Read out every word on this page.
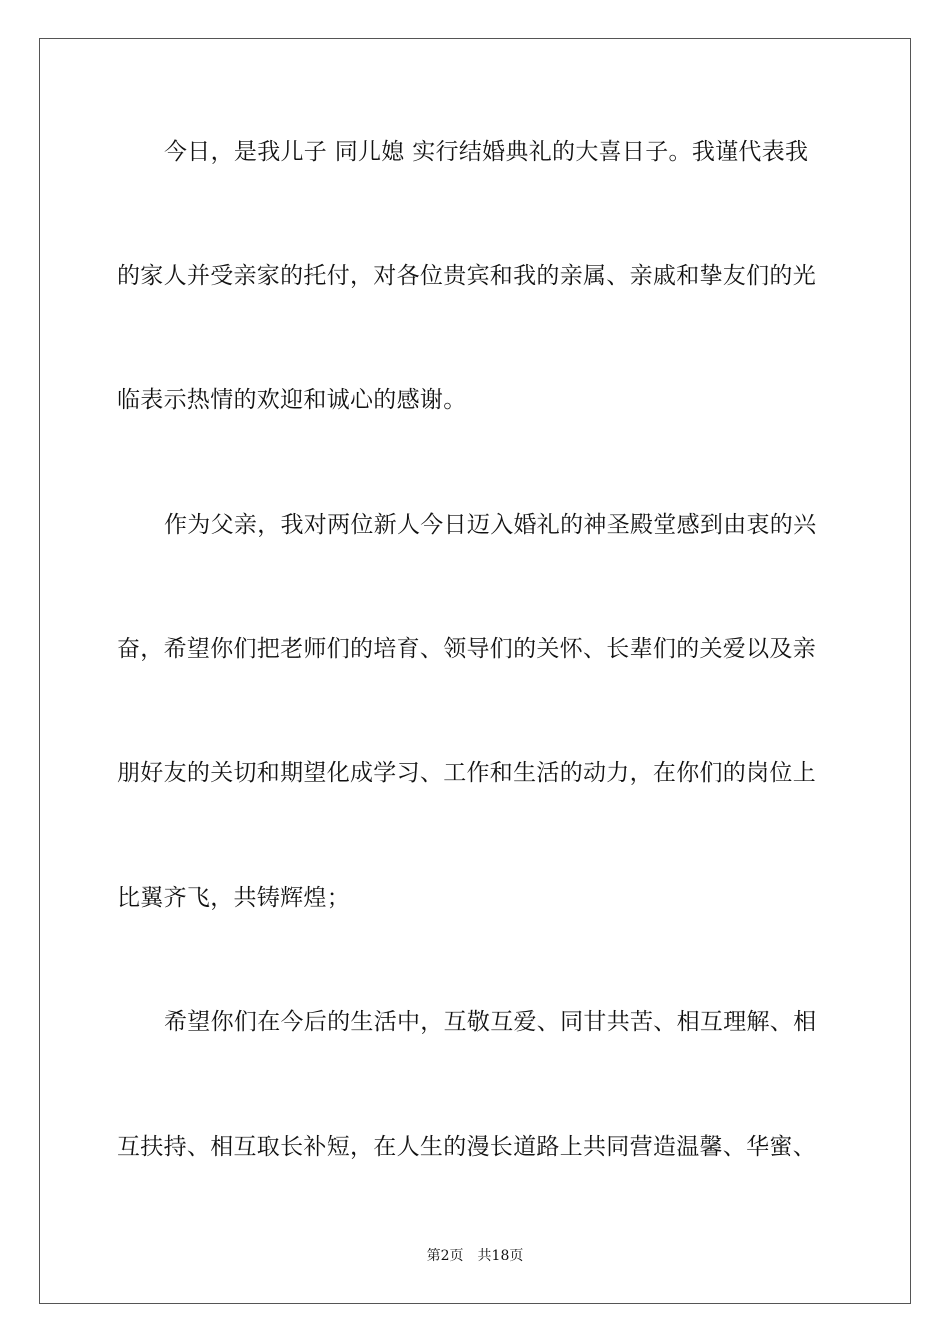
今日，是我儿子 同儿媳 实行结婚典礼的大喜日子。我谨代表我
的家人并受亲家的托付，对各位贵宾和我的亲属、亲戚和挚友们的光
临表示热情的欢迎和诚心的感谢。
作为父亲，我对两位新人今日迈入婚礼的神圣殿堂感到由衷的兴
奋，希望你们把老师们的培育、领导们的关怀、长辈们的关爱以及亲
朋好友的关切和期望化成学习、工作和生活的动力，在你们的岗位上
比翼齐飞，共铸辉煌；
希望你们在今后的生活中，互敬互爱、同甘共苦、相互理解、相
互扶持、相互取长补短，在人生的漫长道路上共同营造温馨、华蜜、
第2页 共18页
